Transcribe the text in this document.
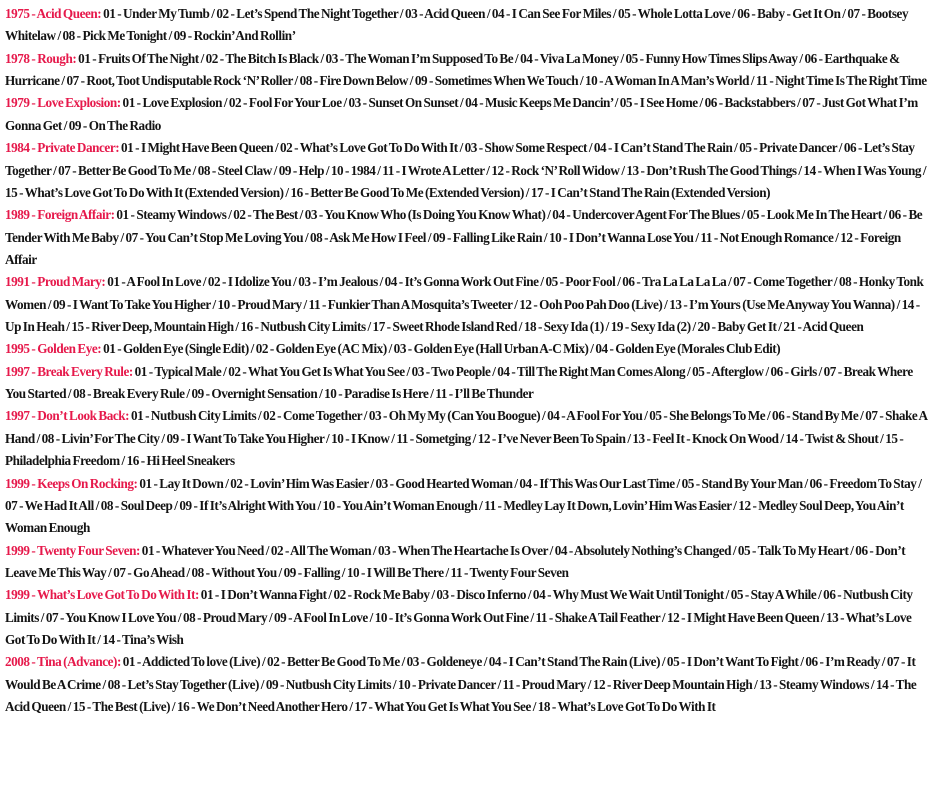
1975 - Acid Queen: 01 - Under My Tumb / 02 - Let’s Spend The Night Together / 03 - Acid Queen / 04 - I Can See For Miles / 05 - Whole Lotta Love / 06 - Baby - Get It On / 07 - Bootsey Whitelaw / 08 - Pick Me Tonight / 09 - Rockin’ And Rollin’

1978 - Rough: 01 - Fruits Of The Night / 02 - The Bitch Is Black / 03 - The Woman I’m Supposed To Be / 04 - Viva La Money / 05 - Funny How Times Slips Away / 06 - Earthquake & Hurricane / 07 - Root, Toot Undisputable Rock ‘N’ Roller / 08 - Fire Down Below / 09 - Sometimes When We Touch / 10 - A Woman In A Man’s World / 11 - Night Time Is The Right Time

1979 - Love Explosion: 01 - Love Explosion / 02 - Fool For Your Loe / 03 - Sunset On Sunset / 04 - Music Keeps Me Dancin’ / 05 - I See Home / 06 - Backstabbers / 07 - Just Got What I’m Gonna Get / 09 - On The Radio

1984 - Private Dancer: 01 - I Might Have Been Queen / 02 - What’s Love Got To Do With It / 03 - Show Some Respect / 04 - I Can’t Stand The Rain / 05 - Private Dancer / 06 - Let’s Stay Together / 07 - Better Be Good To Me / 08 - Steel Claw / 09 - Help / 10 - 1984 / 11 - I Wrote A Letter / 12 - Rock ‘N’ Roll Widow / 13 - Don’t Rush The Good Things / 14 - When I Was Young / 15 - What’s Love Got To Do With It (Extended Version) / 16 - Better Be Good To Me (Extended Version) / 17 - I Can’t Stand The Rain (Extended Version)

1989 - Foreign Affair: 01 - Steamy Windows / 02 - The Best / 03 - You Know Who (Is Doing You Know What) / 04 - Undercover Agent For The Blues / 05 - Look Me In The Heart / 06 - Be Tender With Me Baby / 07 - You Can’t Stop Me Loving You / 08 - Ask Me How I Feel / 09 - Falling Like Rain / 10 - I Don’t Wanna Lose You / 11 - Not Enough Romance / 12 - Foreign Affair

1991 - Proud Mary: 01 - A Fool In Love / 02 - I Idolize You / 03 - I’m Jealous / 04 - It’s Gonna Work Out Fine / 05 - Poor Fool / 06 - Tra La La La La / 07 - Come Together / 08 - Honky Tonk Women / 09 - I Want To Take You Higher / 10 - Proud Mary / 11 - Funkier Than A Mosquita’s Tweeter / 12 - Ooh Poo Pah Doo (Live) / 13 - I’m Yours (Use Me Anyway You Wanna) / 14 - Up In Heah / 15 - River Deep, Mountain High / 16 - Nutbush City Limits / 17 - Sweet Rhode Island Red / 18 - Sexy Ida (1) / 19 - Sexy Ida (2) / 20 - Baby Get It / 21 - Acid Queen

1995 - Golden Eye: 01 - Golden Eye (Single Edit) / 02 - Golden Eye (AC Mix) / 03 - Golden Eye (Hall Urban A-C Mix) / 04 - Golden Eye (Morales Club Edit)

1997 - Break Every Rule: 01 - Typical Male / 02 - What You Get Is What You See / 03 - Two People / 04 - Till The Right Man Comes Along / 05 - Afterglow / 06 - Girls / 07 - Break Where You Started / 08 - Break Every Rule / 09 - Overnight Sensation / 10 - Paradise Is Here / 11 - I’ll Be Thunder

1997 - Don’t Look Back: 01 - Nutbush City Limits / 02 - Come Together / 03 - Oh My My (Can You Boogue) / 04 - A Fool For You / 05 - She Belongs To Me / 06 - Stand By Me / 07 - Shake A Hand / 08 - Livin’ For The City / 09 - I Want To Take You Higher / 10 - I Know / 11 - Sometging / 12 - I’ve Never Been To Spain / 13 - Feel It - Knock On Wood / 14 - Twist & Shout / 15 - Philadelphia Freedom / 16 - Hi Heel Sneakers

1999 - Keeps On Rocking: 01 - Lay It Down / 02 - Lovin’ Him Was Easier / 03 - Good Hearted Woman / 04 - If This Was Our Last Time / 05 - Stand By Your Man / 06 - Freedom To Stay / 07 - We Had It All / 08 - Soul Deep / 09 - If It’s Alright With You / 10 - You Ain’t Woman Enough / 11 - Medley Lay It Down, Lovin’ Him Was Easier / 12 - Medley Soul Deep, You Ain’t Woman Enough

1999 - Twenty Four Seven: 01 - Whatever You Need / 02 - All The Woman / 03 - When The Heartache Is Over / 04 - Absolutely Nothing’s Changed / 05 - Talk To My Heart / 06 - Don’t Leave Me This Way / 07 - Go Ahead / 08 - Without You / 09 - Falling / 10 - I Will Be There / 11 - Twenty Four Seven

1999 - What’s Love Got To Do With It: 01 - I Don’t Wanna Fight / 02 - Rock Me Baby / 03 - Disco Inferno / 04 - Why Must We Wait Until Tonight / 05 - Stay A While / 06 - Nutbush City Limits / 07 - You Know I Love You / 08 - Proud Mary / 09 - A Fool In Love / 10 - It’s Gonna Work Out Fine / 11 - Shake A Tail Feather / 12 - I Might Have Been Queen / 13 - What’s Love Got To Do With It / 14 - Tina’s Wish

2008 - Tina (Advance): 01 - Addicted To love (Live) / 02 - Better Be Good To Me / 03 - Goldeneye / 04 - I Can’t Stand The Rain (Live) / 05 - I Don’t Want To Fight / 06 - I’m Ready / 07 - It Would Be A Crime / 08 - Let’s Stay Together (Live) / 09 - Nutbush City Limits / 10 - Private Dancer / 11 - Proud Mary / 12 - River Deep Mountain High / 13 - Steamy Windows / 14 - The Acid Queen / 15 - The Best (Live) / 16 - We Don’t Need Another Hero / 17 - What You Get Is What You See / 18 - What’s Love Got To Do With It
